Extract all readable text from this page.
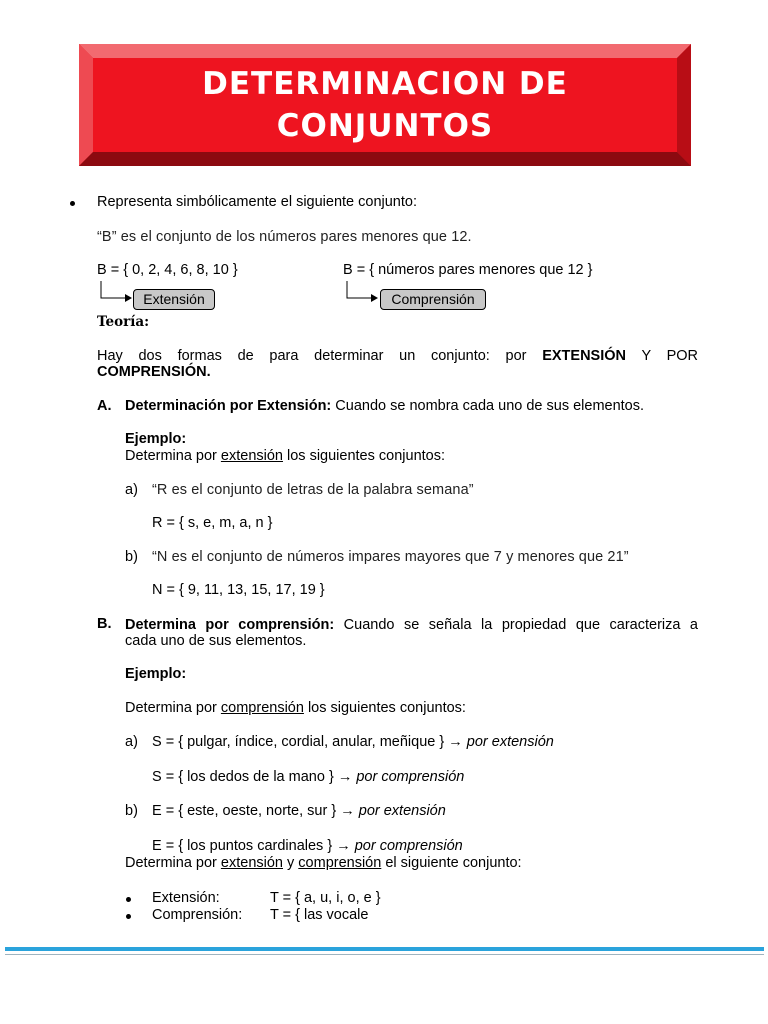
DETERMINACION DE
CONJUNTOS
Representa simbólicamente el siguiente conjunto:
“B” es el conjunto de los números pares menores que 12.
B = { 0, 2, 4, 6, 8, 10 }	B = { números pares menores que 12 }
Extensión	Comprensión
Teoría:
Hay dos formas de para determinar un conjunto: por EXTENSIÓN Y POR
COMPRENSIÓN.
A. Determinación por Extensión: Cuando se nombra cada uno de sus elementos.
Ejemplo:
Determina por extensión los siguientes conjuntos:
a) “R es el conjunto de letras de la palabra semana”
R = { s, e, m, a, n }
b) “N es el conjunto de números impares mayores que 7 y menores que 21”
N = { 9, 11, 13, 15, 17, 19 }
B. Determina por comprensión: Cuando se señala la propiedad que caracteriza a
cada uno de sus elementos.
Ejemplo:
Determina por comprensión los siguientes conjuntos:
a) S = { pulgar, índice, cordial, anular, meñique } → por extensión
S = { los dedos de la mano } → por comprensión
b) E = { este, oeste, norte, sur } → por extensión
E = { los puntos cardinales } → por comprensión
Determina por extensión y comprensión el siguiente conjunto:
Extensión:	T = { a, u, i, o, e }
Comprensión: T = { las vocale
